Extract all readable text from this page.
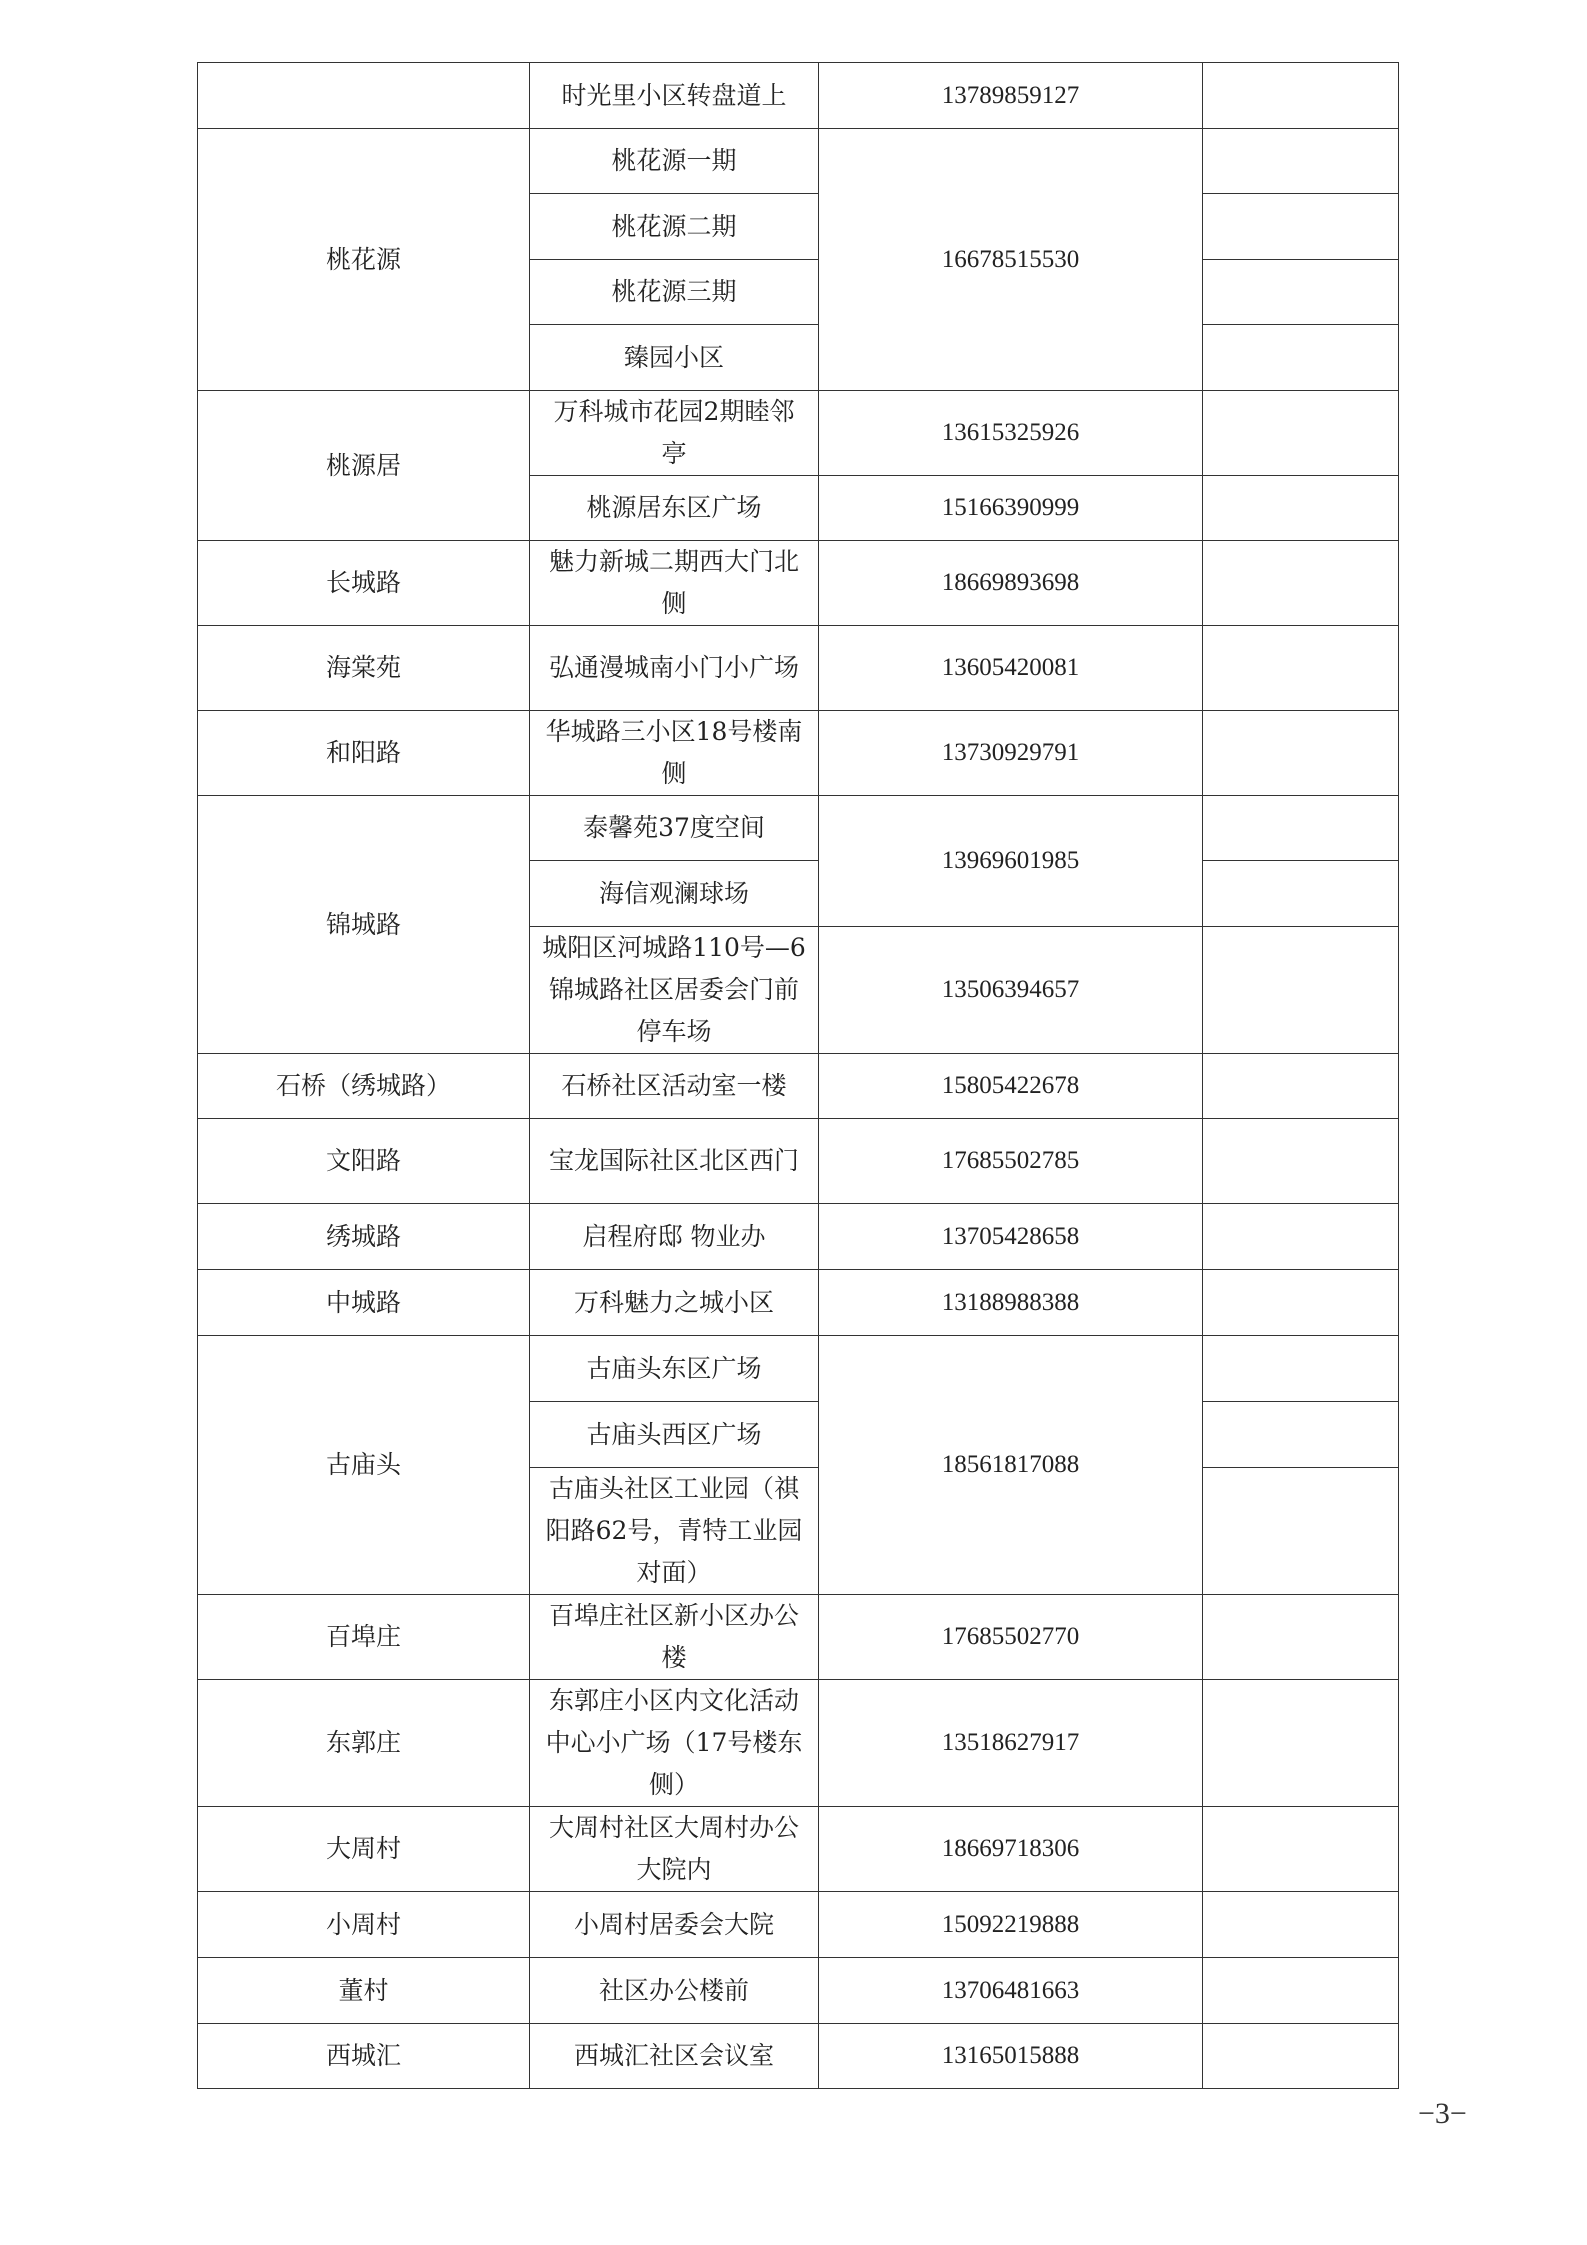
	时光里小区转盘道上	13789859127	
桃花源	桃花源一期	16678515530	
	桃花源二期		
	桃花源三期		
	臻园小区		
桃源居	万科城市花园2期睦邻亭	13615325926	
	桃源居东区广场	15166390999	
长城路	魅力新城二期西大门北侧	18669893698	
海棠苑	弘通漫城南小门小广场	13605420081	
和阳路	华城路三小区18号楼南侧	13730929791	
锦城路	泰馨苑37度空间	13969601985	
	海信观澜球场		
	城阳区河城路110号—6锦城路社区居委会门前停车场	13506394657	
石桥（绣城路）	石桥社区活动室一楼	15805422678	
文阳路	宝龙国际社区北区西门	17685502785	
绣城路	启程府邸 物业办	13705428658	
中城路	万科魅力之城小区	13188988388	
古庙头	古庙头东区广场	18561817088	
	古庙头西区广场		
	古庙头社区工业园（祺阳路62号，青特工业园对面）		
百埠庄	百埠庄社区新小区办公楼	17685502770	
东郭庄	东郭庄小区内文化活动中心小广场（17号楼东侧）	13518627917	
大周村	大周村社区大周村办公大院内	18669718306	
小周村	小周村居委会大院	15092219888	
董村	社区办公楼前	13706481663	
西城汇	西城汇社区会议室	13165015888	
−3−
